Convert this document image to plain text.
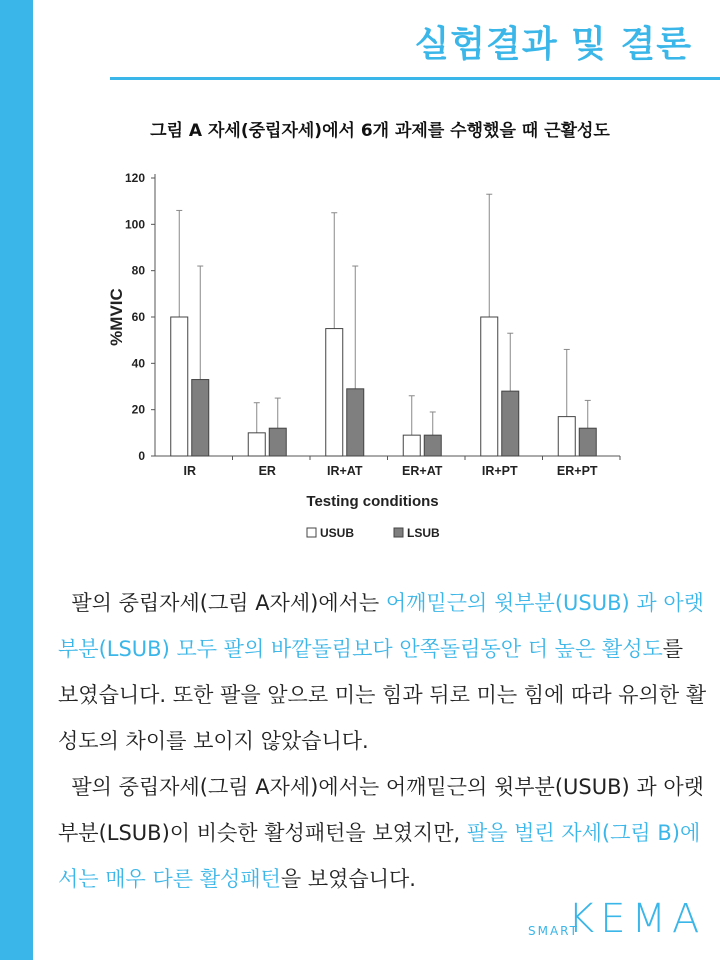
실험결과 및 결론
그림 A 자세(중립자세)에서 6개 과제를 수행했을 때 근활성도
0
20
40
60
80
100
120
%MVIC
IR	ER	IR+AT	ER+AT	IR+PT	ER+PT
Testing conditions
USUB	LSUB

팔의 중립자세(그림 A자세)에서는 어깨밑근의 윗부분(USUB) 과 아랫부분(LSUB) 모두 팔의 바깥돌림보다 안쪽돌림동안 더 높은 활성도를 보였습니다. 또한 팔을 앞으로 미는 힘과 뒤로 미는 힘에 따라 유의한 활성도의 차이를 보이지 않았습니다.

팔의 중립자세(그림 A자세)에서는 어깨밑근의 윗부분(USUB) 과 아랫부분(LSUB)이 비슷한 활성패턴을 보였지만, 팔을 벌린 자세(그림 B)에서는 매우 다른 활성패턴을 보였습니다.

SMART
KEMA
